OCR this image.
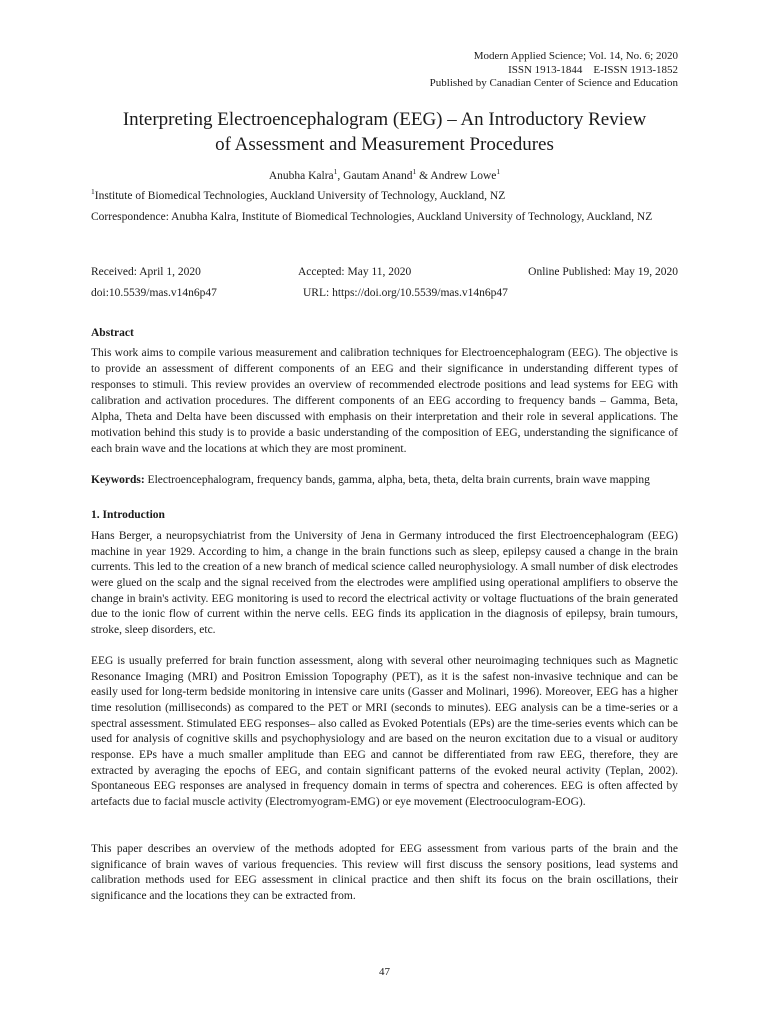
Modern Applied Science; Vol. 14, No. 6; 2020
ISSN 1913-1844    E-ISSN 1913-1852
Published by Canadian Center of Science and Education
Interpreting Electroencephalogram (EEG) – An Introductory Review
of Assessment and Measurement Procedures
Anubha Kalra$^1$, Gautam Anand$^1$ & Andrew Lowe$^1$
$^1$Institute of Biomedical Technologies, Auckland University of Technology, Auckland, NZ
Correspondence: Anubha Kalra, Institute of Biomedical Technologies, Auckland University of Technology, Auckland, NZ
Received: April 1, 2020	Accepted: May 11, 2020	Online Published: May 19, 2020
doi:10.5539/mas.v14n6p47	URL: https://doi.org/10.5539/mas.v14n6p47
Abstract

This work aims to compile various measurement and calibration techniques for Electroencephalogram (EEG). The objective is to provide an assessment of different components of an EEG and their significance in understanding different types of responses to stimuli. This review provides an overview of recommended electrode positions and lead systems for EEG with calibration and activation procedures. The different components of an EEG according to frequency bands – Gamma, Beta, Alpha, Theta and Delta have been discussed with emphasis on their interpretation and their role in several applications. The motivation behind this study is to provide a basic understanding of the composition of EEG, understanding the significance of each brain wave and the locations at which they are most prominent.

Keywords: Electroencephalogram, frequency bands, gamma, alpha, beta, theta, delta brain currents, brain wave mapping

1. Introduction

Hans Berger, a neuropsychiatrist from the University of Jena in Germany introduced the first Electroencephalogram (EEG) machine in year 1929. According to him, a change in the brain functions such as sleep, epilepsy caused a change in the brain currents. This led to the creation of a new branch of medical science called neurophysiology. A small number of disk electrodes were glued on the scalp and the signal received from the electrodes were amplified using operational amplifiers to observe the change in brain's activity. EEG monitoring is used to record the electrical activity or voltage fluctuations of the brain generated due to the ionic flow of current within the nerve cells. EEG finds its application in the diagnosis of epilepsy, brain tumours, stroke, sleep disorders, etc.

EEG is usually preferred for brain function assessment, along with several other neuroimaging techniques such as Magnetic Resonance Imaging (MRI) and Positron Emission Topography (PET), as it is the safest non-invasive technique and can be easily used for long-term bedside monitoring in intensive care units (Gasser and Molinari, 1996). Moreover, EEG has a higher time resolution (milliseconds) as compared to the PET or MRI (seconds to minutes). EEG analysis can be a time-series or a spectral assessment. Stimulated EEG responses– also called as Evoked Potentials (EPs) are the time-series events which can be used for analysis of cognitive skills and psychophysiology and are based on the neuron excitation due to a visual or auditory response. EPs have a much smaller amplitude than EEG and cannot be differentiated from raw EEG, therefore, they are extracted by averaging the epochs of EEG, and contain significant patterns of the evoked neural activity (Teplan, 2002). Spontaneous EEG responses are analysed in frequency domain in terms of spectra and coherences. EEG is often affected by artefacts due to facial muscle activity (Electromyogram-EMG) or eye movement (Electrooculogram-EOG).

This paper describes an overview of the methods adopted for EEG assessment from various parts of the brain and the significance of brain waves of various frequencies. This review will first discuss the sensory positions, lead systems and calibration methods used for EEG assessment in clinical practice and then shift its focus on the brain oscillations, their significance and the locations they can be extracted from.

47
